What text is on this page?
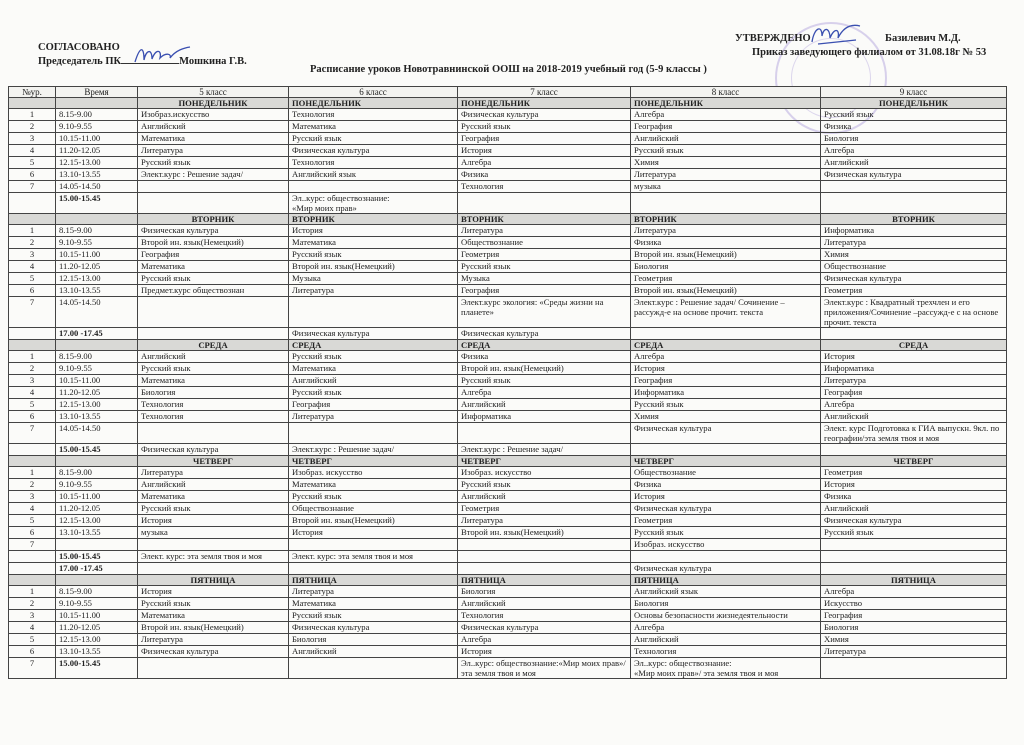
СОГЛАСОВАНО
Председатель ПК	Мошкина Г.В.
УТВЕРЖДЕНО	Базилевич М.Д.
Приказ заведующего филиалом от 31.08.18г № 53
Расписание уроков Новотравнинской ООШ на 2018-2019 учебный год (5-9 классы )
№ур.	Время	5 класс	6 класс	7 класс	8 класс	9 класс
		ПОНЕДЕЛЬНИК	ПОНЕДЕЛЬНИК	ПОНЕДЕЛЬНИК	ПОНЕДЕЛЬНИК	ПОНЕДЕЛЬНИК
1	8.15-9.00	Изобраз.искусство	Технология	Физическая культура	Алгебра	Русский язык
2	9.10-9.55	Английский	Математика	Русский язык	География	Физика
3	10.15-11.00	Математика	Русский язык	География	Английский	Биология
4	11.20-12.05	Литература	Физическая культура	История	Русский язык	Алгебра
5	12.15-13.00	Русский язык	Технология	Алгебра	Химия	Английский
6	13.10-13.55	Элект.курс : Решение задач/	Английский язык	Физика	Литература	Физическая культура
7	14.05-14.50			Технология	музыка	
	15.00-15.45		Эл..курс: обществознание:
«Мир моих прав»			
		ВТОРНИК	ВТОРНИК	ВТОРНИК	ВТОРНИК	ВТОРНИК
1	8.15-9.00	Физическая культура	История	Литература	Литература	Информатика
2	9.10-9.55	Второй ин. язык(Немецкий)	Математика	Обществознание	Физика	Литература
3	10.15-11.00	География	Русский язык	Геометрия	Второй ин. язык(Немецкий)	Химия
4	11.20-12.05	Математика	Второй ин. язык(Немецкий)	Русский язык	Биология	Обществознание
5	12.15-13.00	Русский язык	Музыка	Музыка	Геометрия	Физическая культура
6	13.10-13.55	Предмет.курс обществознан	Литература	География	Второй ин. язык(Немецкий)	Геометрия
7	14.05-14.50			Элект.курс экология: «Среды жизни на планете»	Элект.курс : Решение задач/ Сочинение – рассужд-е на основе прочит. текста	Элект.курс : Квадратный трехчлен и его приложения/Сочинение –рассужд-е с на основе прочит. текста
	17.00 -17.45		Физическая культура	Физическая культура		
		СРЕДА	СРЕДА	СРЕДА	СРЕДА	СРЕДА
1	8.15-9.00	Английский	Русский язык	Физика	Алгебра	История
2	9.10-9.55	Русский язык	Математика	Второй ин. язык(Немецкий)	История	Информатика
3	10.15-11.00	Математика	Английский	Русский язык	География	Литература
4	11.20-12.05	Биология	Русский язык	Алгебра	Информатика	География
5	12.15-13.00	Технология	География	Английский	Русский язык	Алгебра
6	13.10-13.55	Технология	Литература	Информатика	Химия	Английский
7	14.05-14.50				Физическая культура	Элект. курс Подготовка к ГИА выпускн. 9кл. по географии/эта земля твоя и моя
	15.00-15.45	Физическая культура	Элект.курс : Решение задач/	Элект.курс : Решение задач/		
		ЧЕТВЕРГ	ЧЕТВЕРГ	ЧЕТВЕРГ	ЧЕТВЕРГ	ЧЕТВЕРГ
1	8.15-9.00	Литература	Изобраз. искусство	Изобраз. искусство	Обществознание	Геометрия
2	9.10-9.55	Английский	Математика	Русский язык	Физика	История
3	10.15-11.00	Математика	Русский язык	Английский	История	Физика
4	11.20-12.05	Русский язык	Обществознание	Геометрия	Физическая культура	Английский
5	12.15-13.00	История	Второй ин. язык(Немецкий)	Литература	Геометрия	Физическая культура
6	13.10-13.55	музыка	История	Второй ин. язык(Немецкий)	Русский язык	Русский язык
7					Изобраз. искусство	
	15.00-15.45	Элект. курс: эта земля твоя и моя	Элект. курс: эта земля твоя и моя			
	17.00 -17.45				Физическая культура	
		ПЯТНИЦА	ПЯТНИЦА	ПЯТНИЦА	ПЯТНИЦА	ПЯТНИЦА
1	8.15-9.00	История	Литература	Биология	Английский язык	Алгебра
2	9.10-9.55	Русский язык	Математика	Английский	Биология	Искусство
3	10.15-11.00	Математика	Русский язык	Технология	Основы безопасности жизнедеятельности	География
4	11.20-12.05	Второй ин. язык(Немецкий)	Физическая культура	Физическая культура	Алгебра	Биология
5	12.15-13.00	Литература	Биология	Алгебра	Английский	Химия
6	13.10-13.55	Физическая культура	Английский	История	Технология	Литература
7	15.00-15.45			Эл..курс: обществознание:«Мир моих прав»/ эта земля твоя и моя	Эл..курс: обществознание:
«Мир моих прав»/ эта земля твоя и моя	
